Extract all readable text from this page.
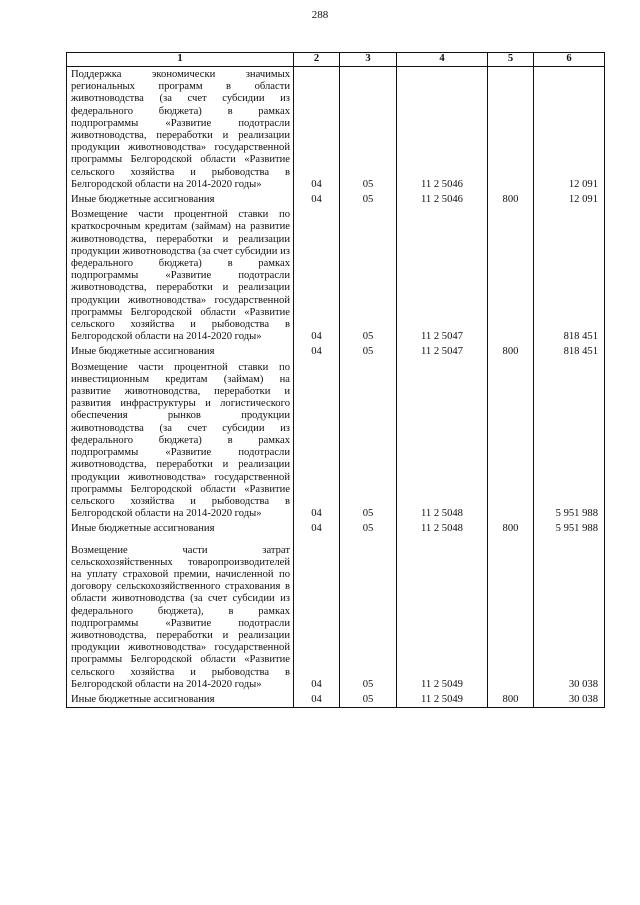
288
1	2	3	4	5	6
Поддержка экономически значимых региональных программ в области животноводства (за счет субсидии из федерального бюджета) в рамках подпрограммы «Развитие подотрасли животноводства, переработки и реализации продукции животноводства» государственной программы Белгородской области «Развитие сельского хозяйства и рыбоводства в Белгородской области на 2014-2020 годы»	04	05	11 2 5046		12 091
Иные бюджетные ассигнования	04	05	11 2 5046	800	12 091
Возмещение части процентной ставки по краткосрочным кредитам (займам) на развитие животноводства, переработки и реализации продукции животноводства (за счет субсидии из федерального бюджета) в рамках подпрограммы «Развитие подотрасли животноводства, переработки и реализации продукции животноводства» государственной программы Белгородской области «Развитие сельского хозяйства и рыбоводства в Белгородской области на 2014-2020 годы»	04	05	11 2 5047		818 451
Иные бюджетные ассигнования	04	05	11 2 5047	800	818 451
Возмещение части процентной ставки по инвестиционным кредитам (займам) на развитие животноводства, переработки и развития инфраструктуры и логистического обеспечения рынков продукции животноводства (за счет субсидии из федерального бюджета) в рамках подпрограммы «Развитие подотрасли животноводства, переработки и реализации продукции животноводства» государственной программы Белгородской области «Развитие сельского хозяйства и рыбоводства в Белгородской области на 2014-2020 годы»	04	05	11 2 5048		5 951 988
Иные бюджетные ассигнования	04	05	11 2 5048	800	5 951 988

Возмещение части затрат сельскохозяйственных товаропроизводителей на уплату страховой премии, начисленной по договору сельскохозяйственного страхования в области животноводства (за счет субсидии из федерального бюджета), в рамках подпрограммы «Развитие подотрасли животноводства, переработки и реализации продукции животноводства» государственной программы Белгородской области «Развитие сельского хозяйства и рыбоводства в Белгородской области на 2014-2020 годы»	04	05	11 2 5049		30 038
Иные бюджетные ассигнования	04	05	11 2 5049	800	30 038
